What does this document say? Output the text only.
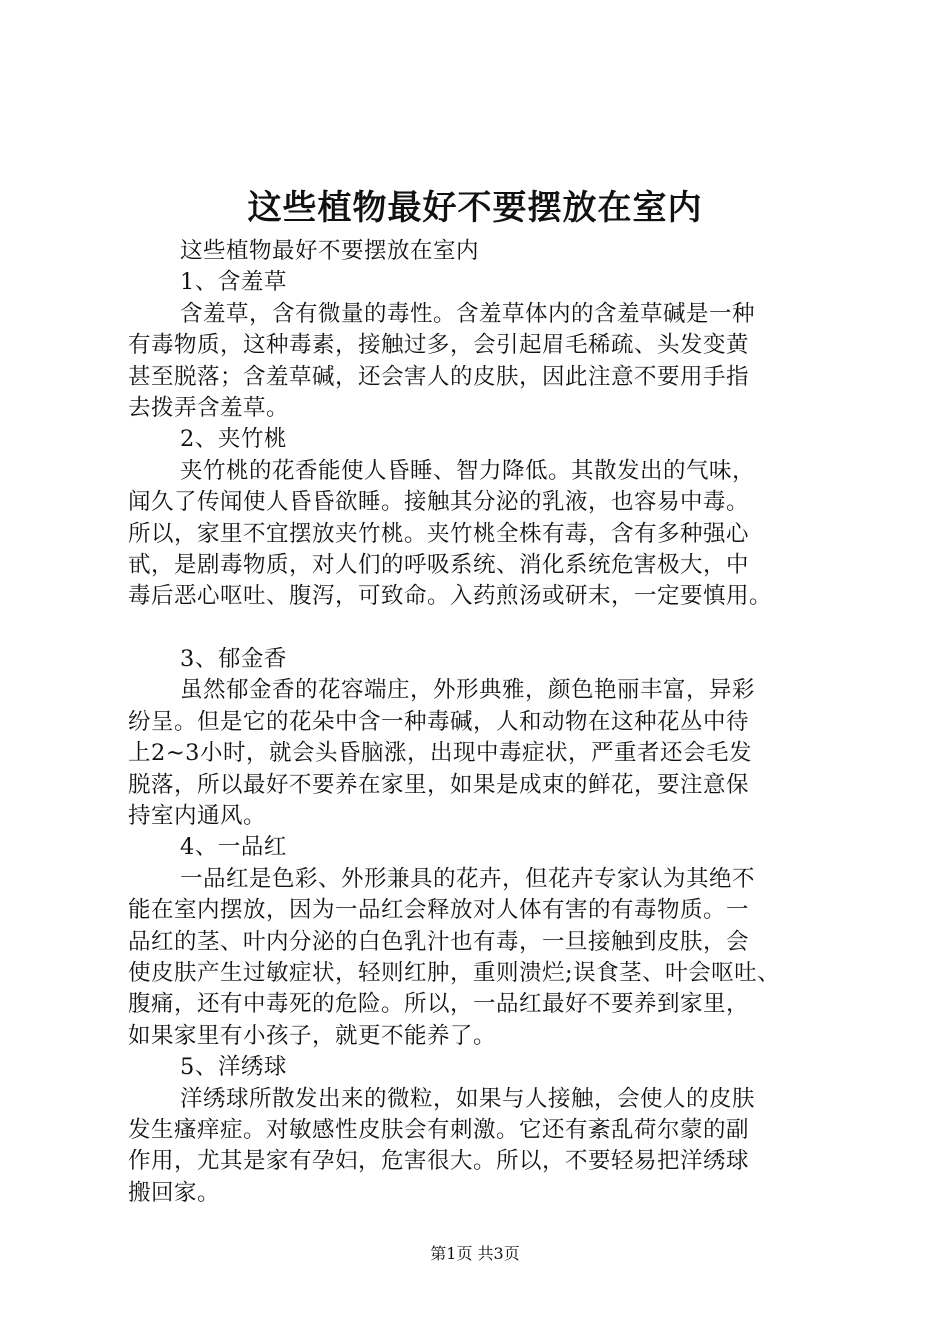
这些植物最好不要摆放在室内
这些植物最好不要摆放在室内
1、含羞草
含羞草，含有微量的毒性。含羞草体内的含羞草碱是一种
有毒物质，这种毒素，接触过多，会引起眉毛稀疏、头发变黄
甚至脱落；含羞草碱，还会害人的皮肤，因此注意不要用手指
去拨弄含羞草。
2、夹竹桃
夹竹桃的花香能使人昏睡、智力降低。其散发出的气味，
闻久了传闻使人昏昏欲睡。接触其分泌的乳液，也容易中毒。
所以，家里不宜摆放夹竹桃。夹竹桃全株有毒，含有多种强心
甙，是剧毒物质，对人们的呼吸系统、消化系统危害极大，中
毒后恶心呕吐、腹泻，可致命。入药煎汤或研末，一定要慎用。
3、郁金香
虽然郁金香的花容端庄，外形典雅，颜色艳丽丰富，异彩
纷呈。但是它的花朵中含一种毒碱，人和动物在这种花丛中待
上2~3小时，就会头昏脑涨，出现中毒症状，严重者还会毛发
脱落，所以最好不要养在家里，如果是成束的鲜花，要注意保
持室内通风。
4、一品红
一品红是色彩、外形兼具的花卉，但花卉专家认为其绝不
能在室内摆放，因为一品红会释放对人体有害的有毒物质。一
品红的茎、叶内分泌的白色乳汁也有毒，一旦接触到皮肤，会
使皮肤产生过敏症状，轻则红肿，重则溃烂;误食茎、叶会呕吐、
腹痛，还有中毒死的危险。所以，一品红最好不要养到家里，
如果家里有小孩子，就更不能养了。
5、洋绣球
洋绣球所散发出来的微粒，如果与人接触，会使人的皮肤
发生瘙痒症。对敏感性皮肤会有刺激。它还有紊乱荷尔蒙的副
作用，尤其是家有孕妇，危害很大。所以，不要轻易把洋绣球
搬回家。
第1页 共3页
